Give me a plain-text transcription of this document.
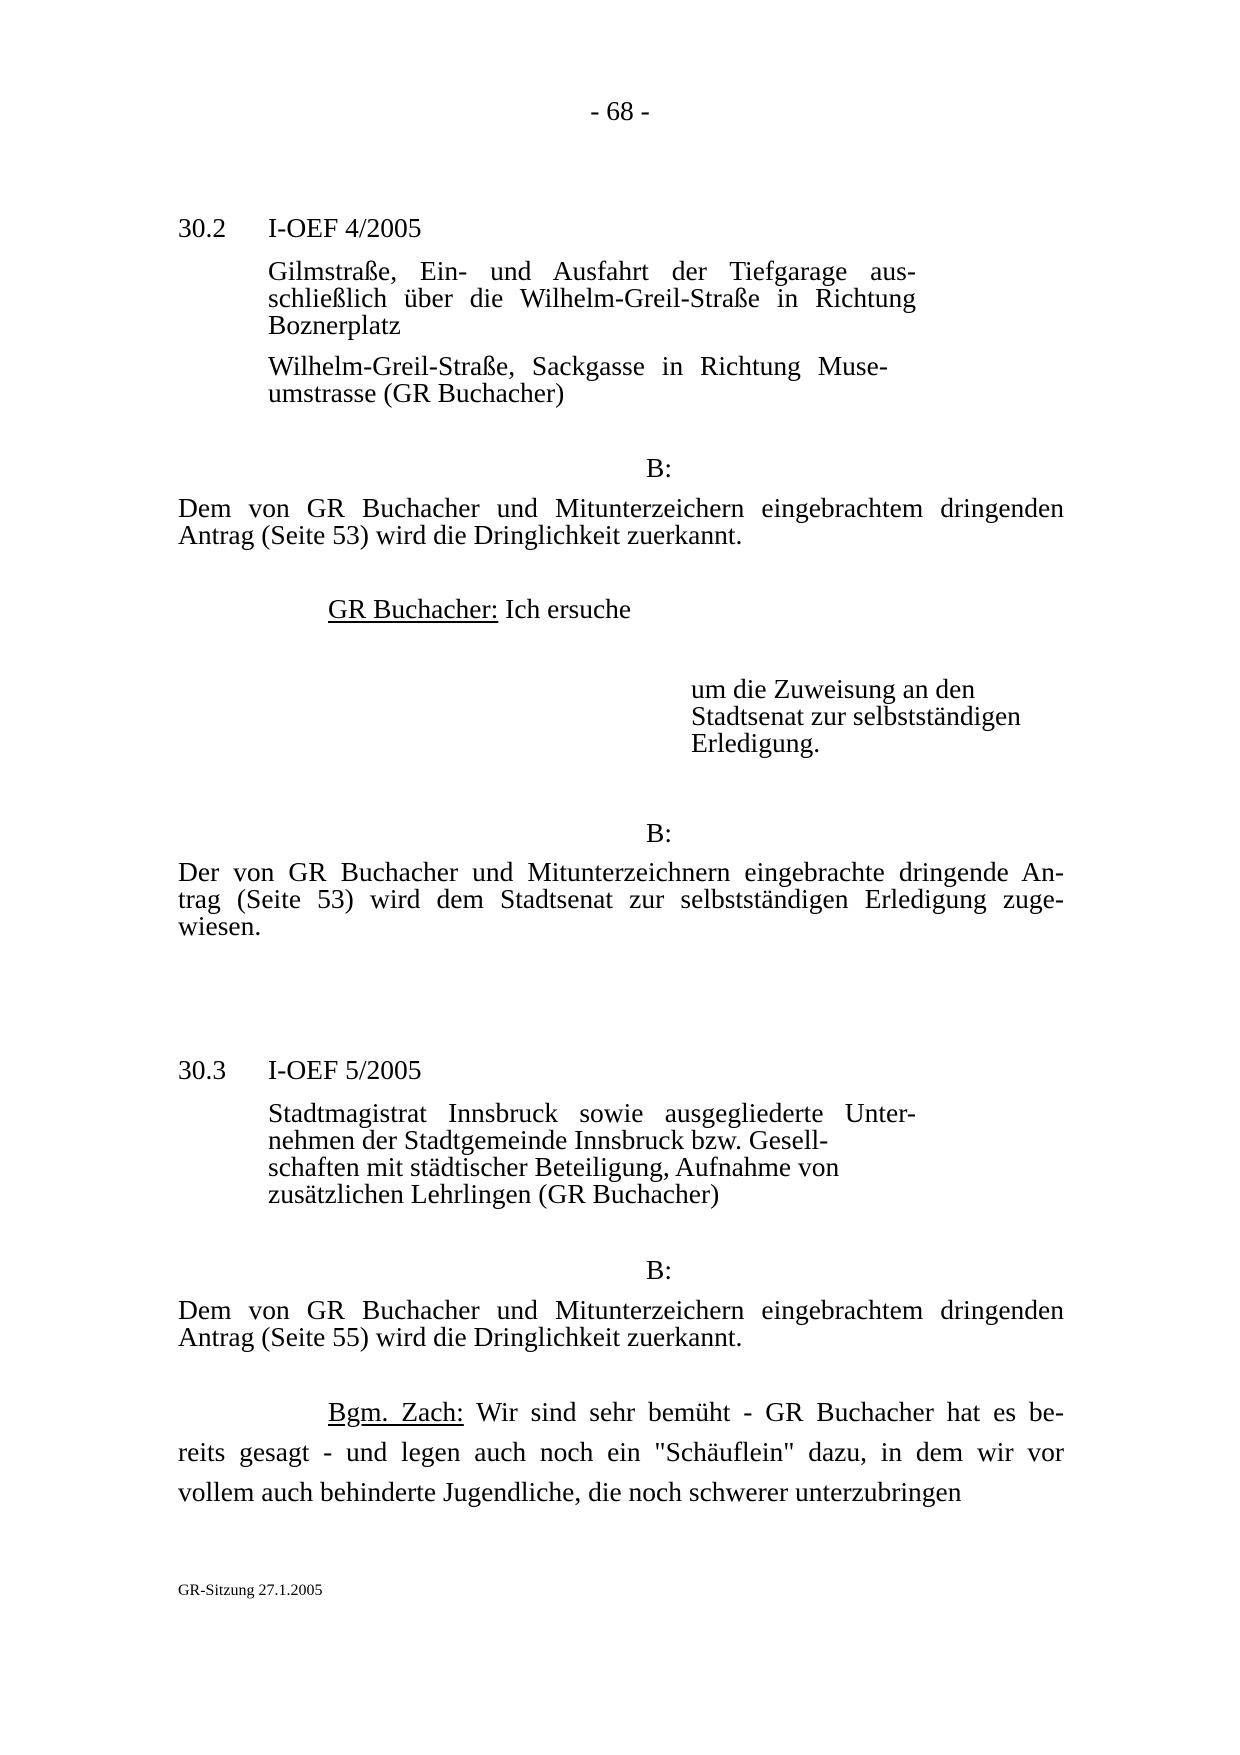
- 68 -
30.2 I-OEF 4/2005
Gilmstraße, Ein- und Ausfahrt der Tiefgarage aus-
schließlich über die Wilhelm-Greil-Straße in Richtung
Boznerplatz
Wilhelm-Greil-Straße, Sackgasse in Richtung Muse-
umstrasse (GR Buchacher)
B:
Dem von GR Buchacher und Mitunterzeichern eingebrachtem dringenden
Antrag (Seite 53) wird die Dringlichkeit zuerkannt.
GR Buchacher: Ich ersuche
um die Zuweisung an den
Stadtsenat zur selbstständigen
Erledigung.
B:
Der von GR Buchacher und Mitunterzeichnern eingebrachte dringende An-
trag (Seite 53) wird dem Stadtsenat zur selbstständigen Erledigung zuge-
wiesen.
30.3 I-OEF 5/2005
Stadtmagistrat Innsbruck sowie ausgegliederte Unter-
nehmen der Stadtgemeinde Innsbruck bzw. Gesell-
schaften mit städtischer Beteiligung, Aufnahme von
zusätzlichen Lehrlingen (GR Buchacher)
B:
Dem von GR Buchacher und Mitunterzeichern eingebrachtem dringenden
Antrag (Seite 55) wird die Dringlichkeit zuerkannt.
Bgm. Zach: Wir sind sehr bemüht - GR Buchacher hat es be-
reits gesagt - und legen auch noch ein "Schäuflein" dazu, in dem wir vor
vollem auch behinderte Jugendliche, die noch schwerer unterzubringen
GR-Sitzung 27.1.2005
